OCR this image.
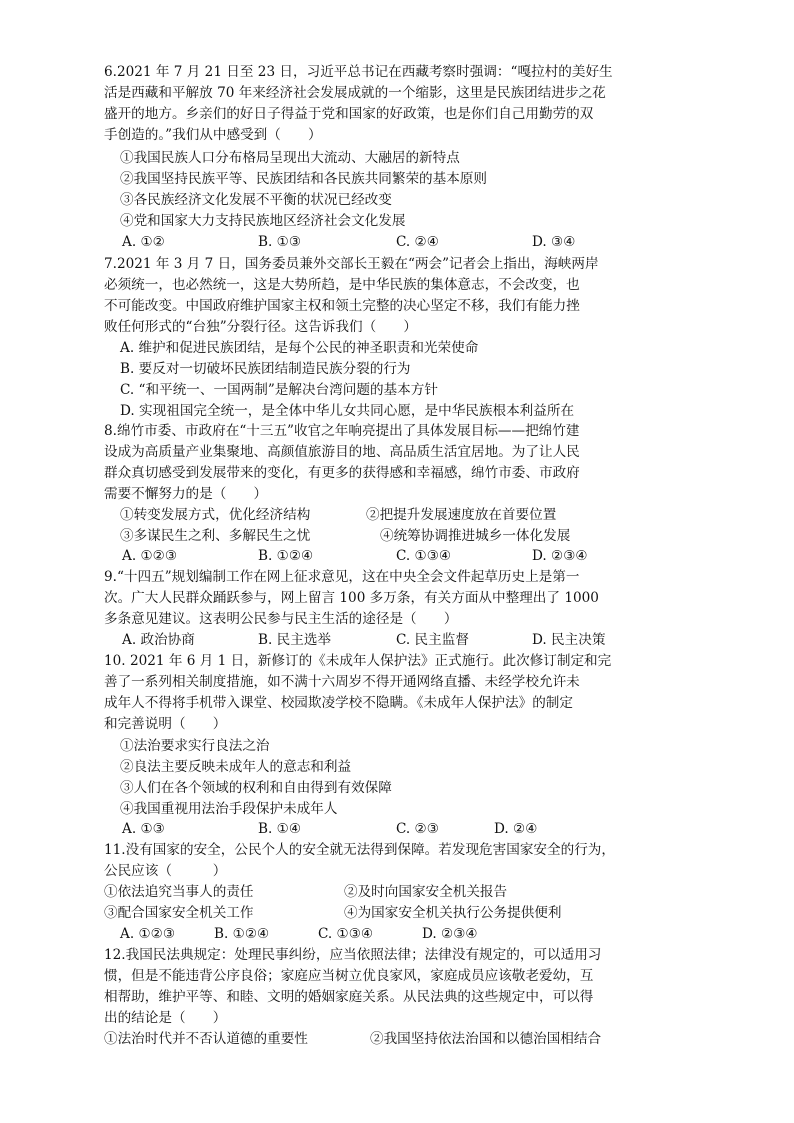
6.2021 年 7 月 21 日至 23 日，习近平总书记在西藏考察时强调：“嘎拉村的美好生
活是西藏和平解放 70 年来经济社会发展成就的一个缩影，这里是民族团结进步之花
盛开的地方。乡亲们的好日子得益于党和国家的好政策，也是你们自己用勤劳的双
手创造的。”我们从中感受到（　　）
①我国民族人口分布格局呈现出大流动、大融居的新特点
②我国坚持民族平等、民族团结和各民族共同繁荣的基本原则
③各民族经济文化发展不平衡的状况已经改变
④党和国家大力支持民族地区经济社会文化发展
A. ①②	B. ①③	C. ②④	D. ③④
7.2021 年 3 月 7 日，国务委员兼外交部长王毅在“两会”记者会上指出，海峡两岸
必须统一，也必然统一，这是大势所趋，是中华民族的集体意志，不会改变，也
不可能改变。中国政府维护国家主权和领土完整的决心坚定不移，我们有能力挫
败任何形式的“台独”分裂行径。这告诉我们（　　）
A. 维护和促进民族团结，是每个公民的神圣职责和光荣使命
B. 要反对一切破坏民族团结制造民族分裂的行为
C. “和平统一、一国两制”是解决台湾问题的基本方针
D. 实现祖国完全统一，是全体中华儿女共同心愿，是中华民族根本利益所在
8.绵竹市委、市政府在“十三五”收官之年响亮提出了具体发展目标——把绵竹建
设成为高质量产业集聚地、高颜值旅游目的地、高品质生活宜居地。为了让人民
群众真切感受到发展带来的变化，有更多的获得感和幸福感，绵竹市委、市政府
需要不懈努力的是（　　）
①转变发展方式，优化经济结构	②把提升发展速度放在首要位置
③多谋民生之利、多解民生之忧	④统筹协调推进城乡一体化发展
A. ①②③	B. ①②④	C. ①③④	D. ②③④
9.“十四五”规划编制工作在网上征求意见，这在中央全会文件起草历史上是第一
次。广大人民群众踊跃参与，网上留言 100 多万条，有关方面从中整理出了 1000
多条意见建议。这表明公民参与民主生活的途径是（　　）
A. 政治协商	B. 民主选举	C. 民主监督	D. 民主决策
10. 2021 年 6 月 1 日，新修订的《未成年人保护法》正式施行。此次修订制定和完
善了一系列相关制度措施，如不满十六周岁不得开通网络直播、未经学校允许未
成年人不得将手机带入课堂、校园欺凌学校不隐瞒。《未成年人保护法》的制定
和完善说明（　　）
①法治要求实行良法之治
②良法主要反映未成年人的意志和利益
③人们在各个领域的权利和自由得到有效保障
④我国重视用法治手段保护未成年人
A. ①③	B. ①④	C. ②③	D. ②④
11.没有国家的安全，公民个人的安全就无法得到保障。若发现危害国家安全的行为，
公民应该（　　　）
①依法追究当事人的责任	②及时向国家安全机关报告
③配合国家安全机关工作	④为国家安全机关执行公务提供便利
A. ①②③	B. ①②④	C. ①③④	D. ②③④
12.我国民法典规定：处理民事纠纷，应当依照法律；法律没有规定的，可以适用习
惯，但是不能违背公序良俗；家庭应当树立优良家风，家庭成员应该敬老爱幼，互
相帮助，维护平等、和睦、文明的婚姻家庭关系。从民法典的这些规定中，可以得
出的结论是（　　）
①法治时代并不否认道德的重要性	②我国坚持依法治国和以德治国相结合
